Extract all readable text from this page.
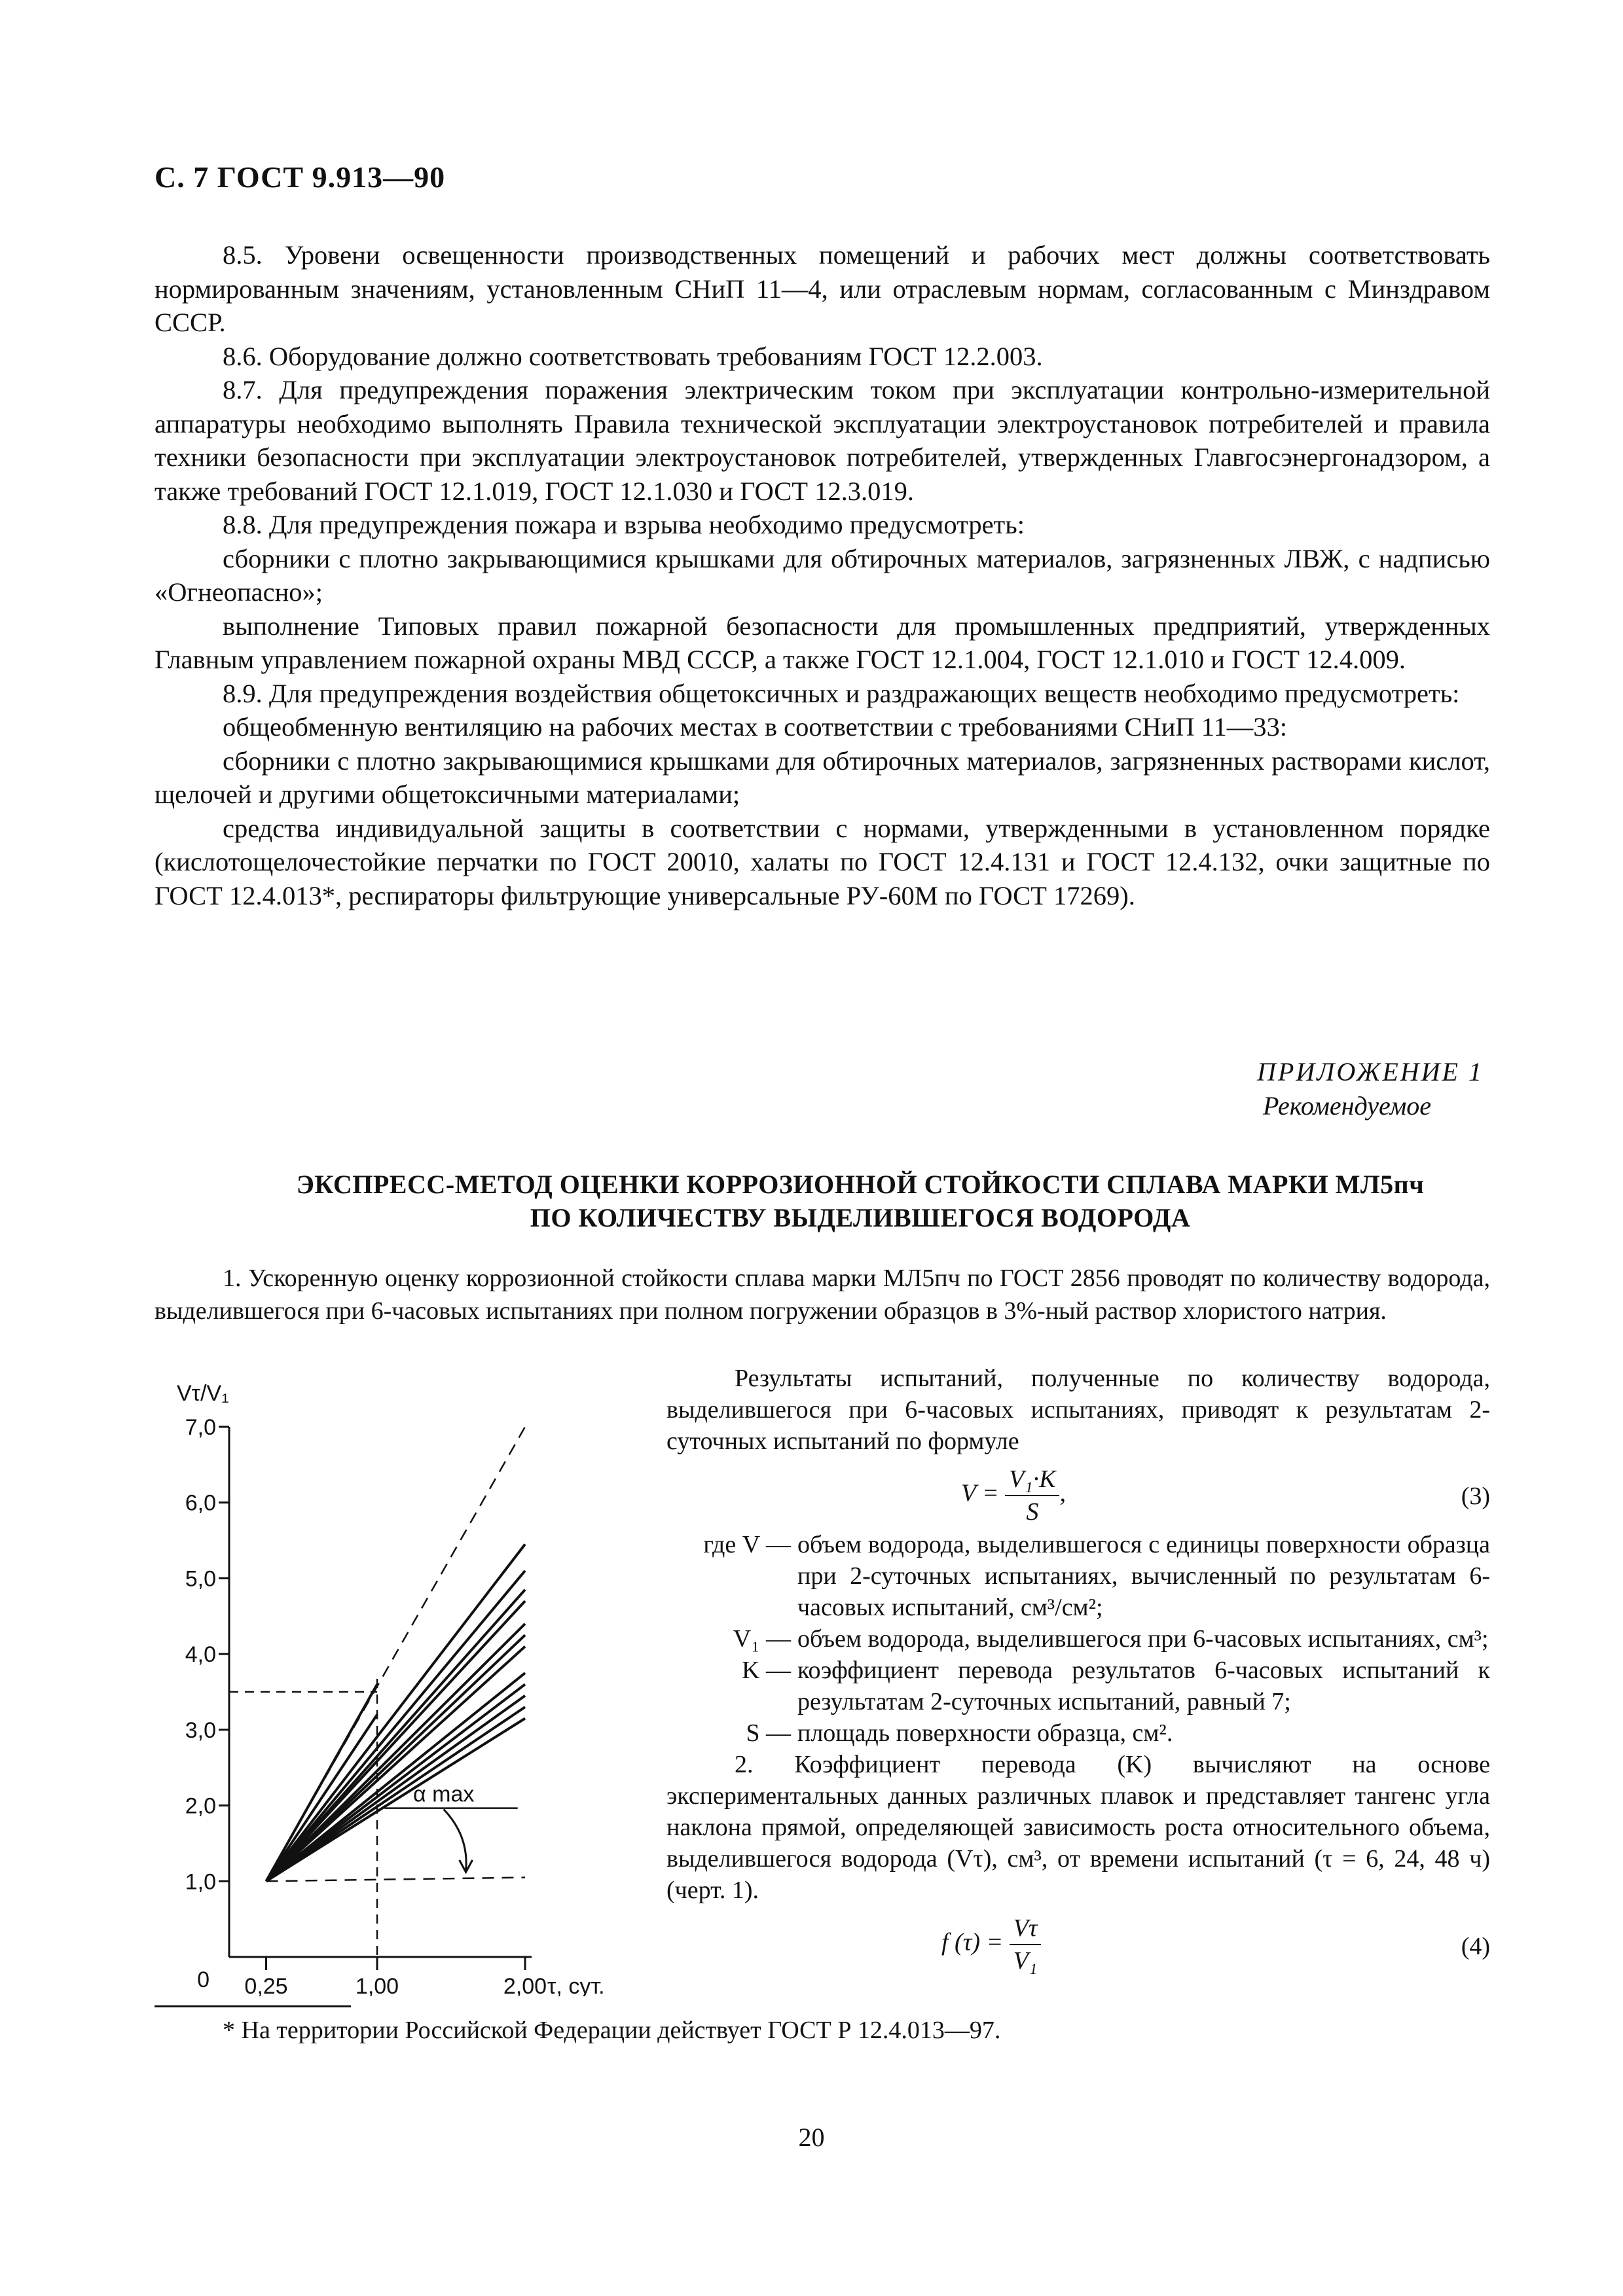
С. 7 ГОСТ 9.913—90

8.5. Уровени освещенности производственных помещений и рабочих мест должны соответствовать нормированным значениям, установленным СНиП 11—4, или отраслевым нормам, согласованным с Минздравом СССР.

8.6. Оборудование должно соответствовать требованиям ГОСТ 12.2.003.

8.7. Для предупреждения поражения электрическим током при эксплуатации контрольно-измерительной аппаратуры необходимо выполнять Правила технической эксплуатации электроустановок потребителей и правила техники безопасности при эксплуатации электроустановок потребителей, утвержденных Главгосэнергонадзором, а также требований ГОСТ 12.1.019, ГОСТ 12.1.030 и ГОСТ 12.3.019.

8.8. Для предупреждения пожара и взрыва необходимо предусмотреть:

сборники с плотно закрывающимися крышками для обтирочных материалов, загрязненных ЛВЖ, с надписью «Огнеопасно»;

выполнение Типовых правил пожарной безопасности для промышленных предприятий, утвержденных Главным управлением пожарной охраны МВД СССР, а также ГОСТ 12.1.004, ГОСТ 12.1.010 и ГОСТ 12.4.009.

8.9. Для предупреждения воздействия общетоксичных и раздражающих веществ необходимо предусмотреть:

общеобменную вентиляцию на рабочих местах в соответствии с требованиями СНиП 11—33:

сборники с плотно закрывающимися крышками для обтирочных материалов, загрязненных растворами кислот, щелочей и другими общетоксичными материалами;

средства индивидуальной защиты в соответствии с нормами, утвержденными в установленном порядке (кислотощелочестойкие перчатки по ГОСТ 20010, халаты по ГОСТ 12.4.131 и ГОСТ 12.4.132, очки защитные по ГОСТ 12.4.013*, респираторы фильтрующие универсальные РУ-60М по ГОСТ 17269).

ПРИЛОЖЕНИЕ 1
Рекомендуемое
ЭКСПРЕСС-МЕТОД ОЦЕНКИ КОРРОЗИОННОЙ СТОЙКОСТИ СПЛАВА МАРКИ МЛ5пч
ПО КОЛИЧЕСТВУ ВЫДЕЛИВШЕГОСЯ ВОДОРОДА
1. Ускоренную оценку коррозионной стойкости сплава марки МЛ5пч по ГОСТ 2856 проводят по количеству водорода, выделившегося при 6-часовых испытаниях при полном погружении образцов в 3%-ный раствор хлористого натрия.
1,0
2,0
3,0
4,0
5,0
6,0
7,0
0 0,25	1,00	2,00
Vτ/V₁
τ, сут.
α max

Результаты испытаний, полученные по количеству водорода, выделившегося при 6-часовых испытаниях, приводят к результатам 2-суточных испытаний по формуле

$V = \frac{\text{V₁·K}}{S}$ ,	(3)
где V — объем водорода, выделившегося с единицы поверхности образца при 2-суточных испытаниях, вычисленный по результатам 6-часовых испытаний, см³/см²;
V₁ — объем водорода, выделившегося при 6-часовых испытаниях, см³;
K — коэффициент перевода результатов 6-часовых испытаний к результатам 2-суточных испытаний, равный 7;
S — площадь поверхности образца, см².

2. Коэффициент перевода (K) вычисляют на основе экспериментальных данных различных плавок и представляет тангенс угла наклона прямой, определяющей зависимость роста относительного объема, выделившегося водорода (Vτ), см³, от времени испытаний (τ = 6, 24, 48 ч) (черт. 1).

f $(\tau) = \frac{V\tau}{\text{V₁}}$	(4)
* На территории Российской Федерации действует ГОСТ Р 12.4.013—97.
20
